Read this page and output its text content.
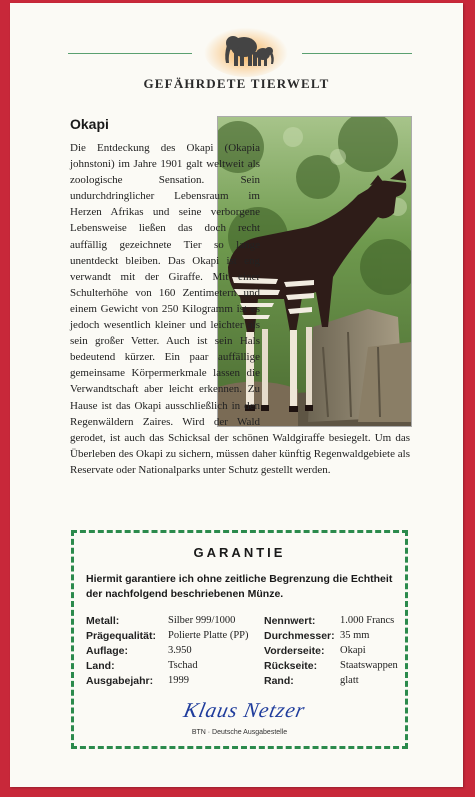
GEFÄHRDETE TIERWELT
Okapi
Die Entdeckung des Okapi (Okapia johnstoni) im Jahre 1901 galt weltweit als zoologische Sensation. Sein undurchdringlicher Lebensraum im Herzen Afrikas und seine verborgene Lebensweise ließen das doch recht auffällig gezeichnete Tier so lange unentdeckt bleiben. Das Okapi ist eng verwandt mit der Giraffe. Mit einer Schulterhöhe von 160 Zentimetern und einem Gewicht von 250 Kilogramm ist es jedoch wesentlich kleiner und leichter als sein großer Vetter. Auch ist sein Hals bedeutend kürzer. Ein paar auffällige gemeinsame Körpermerkmale lassen die Verwandtschaft aber leicht erkennen. Zu Hause ist das Okapi ausschließlich in den Regenwäldern Zaires. Wird der Wald gerodet, ist auch das Schicksal der schönen Waldgiraffe besiegelt. Um das Überleben des Okapi zu sichern, müssen daher künftig Regenwaldgebiete als Reservate oder Nationalparks unter Schutz gestellt werden.
GARANTIE
Hiermit garantiere ich ohne zeitliche Begrenzung die Echtheit der nachfolgend beschriebenen Münze.
Metall:	Silber 999/1000	Nennwert: 1.000 Francs
Prägequalität: Polierte Platte (PP) Durchmesser: 35 mm
Auflage:	3.950	Vorderseite: Okapi
Land:	Tschad	Rückseite: Staatswappen
Ausgabejahr: 1999	Rand:	glatt
Klaus Netzer
BTN · Deutsche Ausgabestelle
